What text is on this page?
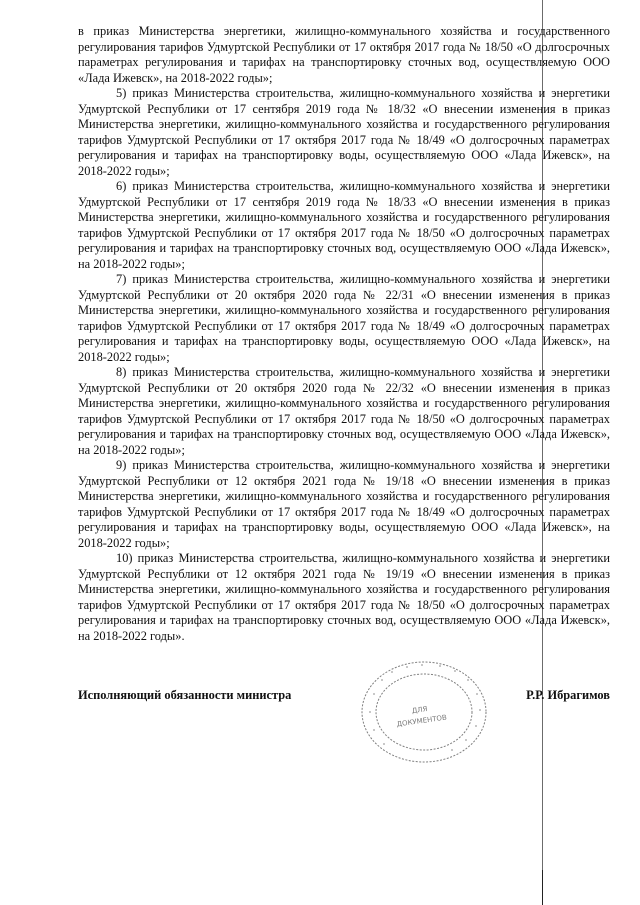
в приказ Министерства энергетики, жилищно-коммунального хозяйства и государственного регулирования тарифов Удмуртской Республики от 17 октября 2017 года № 18/50 «О долгосрочных параметрах регулирования и тарифах на транспортировку сточных вод, осуществляемую ООО «Лада Ижевск», на 2018-2022 годы»;

5) приказ Министерства строительства, жилищно-коммунального хозяйства и энергетики Удмуртской Республики от 17 сентября 2019 года № 18/32 «О внесении изменения в приказ Министерства энергетики, жилищно-коммунального хозяйства и государственного регулирования тарифов Удмуртской Республики от 17 октября 2017 года № 18/49 «О долгосрочных параметрах регулирования и тарифах на транспортировку воды, осуществляемую ООО «Лада Ижевск», на 2018-2022 годы»;

6) приказ Министерства строительства, жилищно-коммунального хозяйства и энергетики Удмуртской Республики от 17 сентября 2019 года № 18/33 «О внесении изменения в приказ Министерства энергетики, жилищно-коммунального хозяйства и государственного регулирования тарифов Удмуртской Республики от 17 октября 2017 года № 18/50 «О долгосрочных параметрах регулирования и тарифах на транспортировку сточных вод, осуществляемую ООО «Лада Ижевск», на 2018-2022 годы»;

7) приказ Министерства строительства, жилищно-коммунального хозяйства и энергетики Удмуртской Республики от 20 октября 2020 года № 22/31 «О внесении изменения в приказ Министерства энергетики, жилищно-коммунального хозяйства и государственного регулирования тарифов Удмуртской Республики от 17 октября 2017 года № 18/49 «О долгосрочных параметрах регулирования и тарифах на транспортировку воды, осуществляемую ООО «Лада Ижевск», на 2018-2022 годы»;

8) приказ Министерства строительства, жилищно-коммунального хозяйства и энергетики Удмуртской Республики от 20 октября 2020 года № 22/32 «О внесении изменения в приказ Министерства энергетики, жилищно-коммунального хозяйства и государственного регулирования тарифов Удмуртской Республики от 17 октября 2017 года № 18/50 «О долгосрочных параметрах регулирования и тарифах на транспортировку сточных вод, осуществляемую ООО «Лада Ижевск», на 2018-2022 годы»;

9) приказ Министерства строительства, жилищно-коммунального хозяйства и энергетики Удмуртской Республики от 12 октября 2021 года № 19/18 «О внесении изменения в приказ Министерства энергетики, жилищно-коммунального хозяйства и государственного регулирования тарифов Удмуртской Республики от 17 октября 2017 года № 18/49 «О долгосрочных параметрах регулирования и тарифах на транспортировку воды, осуществляемую ООО «Лада Ижевск», на 2018-2022 годы»;

10) приказ Министерства строительства, жилищно-коммунального хозяйства и энергетики Удмуртской Республики от 12 октября 2021 года № 19/19 «О внесении изменения в приказ Министерства энергетики, жилищно-коммунального хозяйства и государственного регулирования тарифов Удмуртской Республики от 17 октября 2017 года № 18/50 «О долгосрочных параметрах регулирования и тарифах на транспортировку сточных вод, осуществляемую ООО «Лада Ижевск», на 2018-2022 годы».

ДЛЯ
ДОКУМЕНТОВ
Исполняющий обязанности министра	Р.Р. Ибрагимов
